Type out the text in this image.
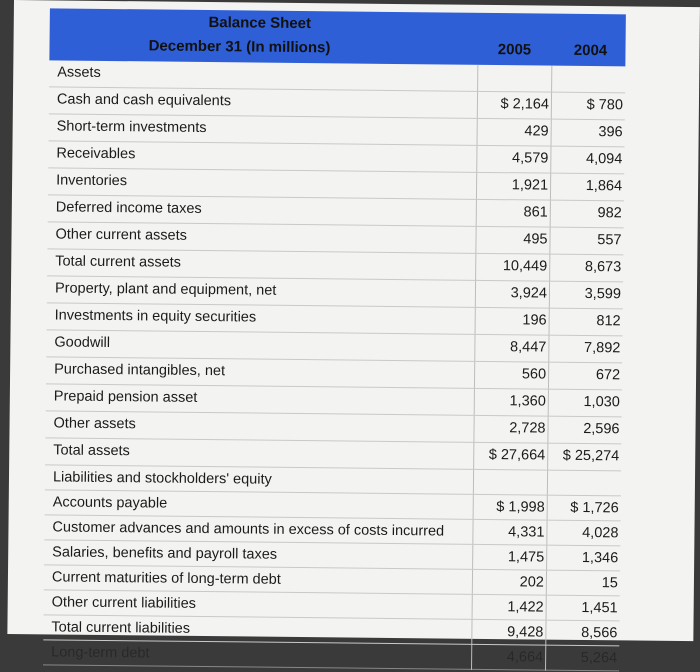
Balance Sheet
December 31 (In millions)	2005	2004
Assets
Cash and cash equivalents	$ 2,164	$ 780
Short-term investments	429	396
Receivables	4,579	4,094
Inventories	1,921	1,864
Deferred income taxes	861	982
Other current assets	495	557
Total current assets	10,449	8,673
Property, plant and equipment, net	3,924	3,599
Investments in equity securities	196	812
Goodwill	8,447	7,892
Purchased intangibles, net	560	672
Prepaid pension asset	1,360	1,030
Other assets	2,728	2,596
Total assets	$ 27,664	$ 25,274
Liabilities and stockholders' equity
Accounts payable	$ 1,998	$ 1,726
Customer advances and amounts in excess of costs incurred	4,331	4,028
Salaries, benefits and payroll taxes	1,475	1,346
Current maturities of long-term debt	202	15
Other current liabilities	1,422	1,451
Total current liabilities	9,428	8,566
Long-term debt	4,664	5,264
